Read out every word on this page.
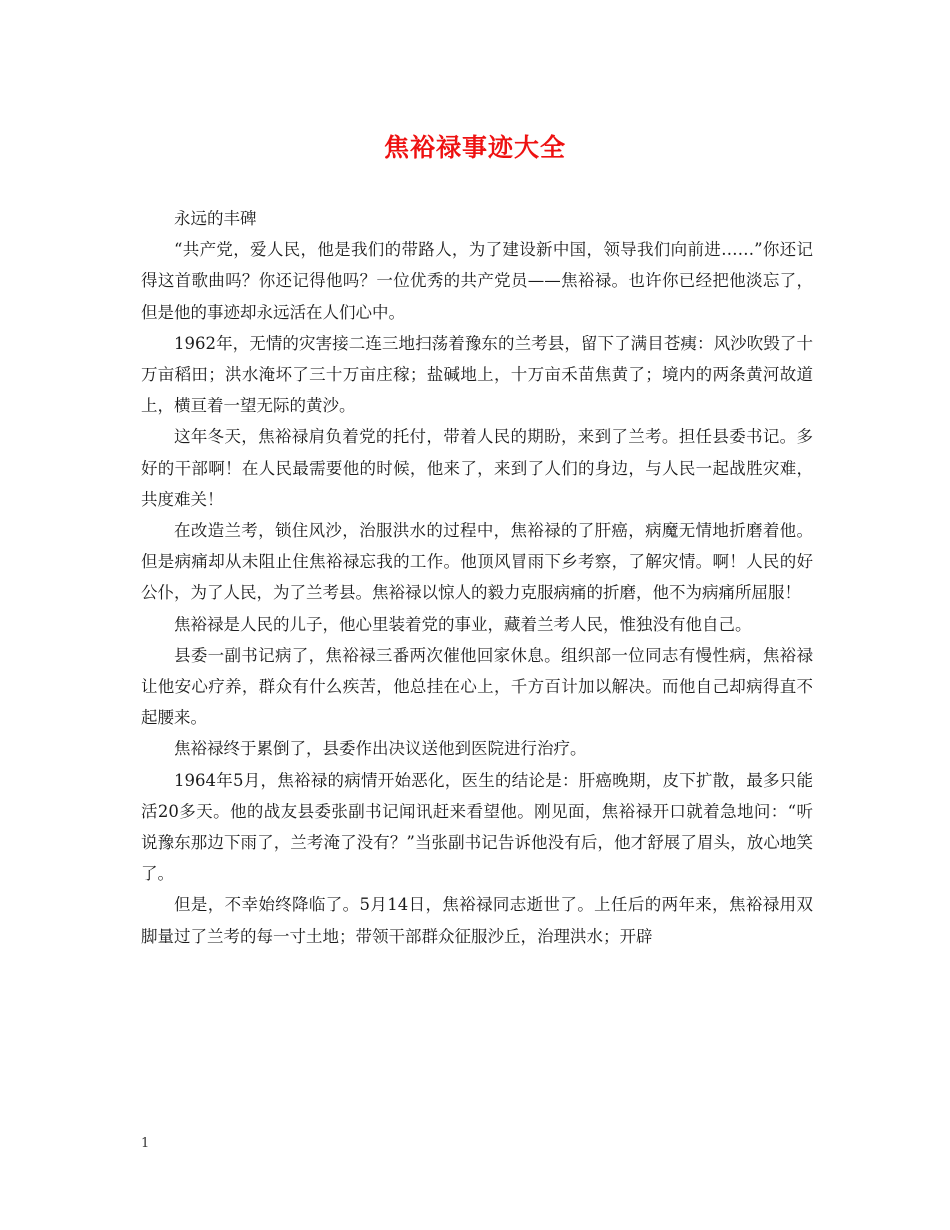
焦裕禄事迹大全

永远的丰碑

“共产党，爱人民，他是我们的带路人，为了建设新中国，领导我们向前进……”你还记得这首歌曲吗？你还记得他吗？一位优秀的共产党员——焦裕禄。也许你已经把他淡忘了，但是他的事迹却永远活在人们心中。

1962年，无情的灾害接二连三地扫荡着豫东的兰考县，留下了满目苍痍：风沙吹毁了十万亩稻田；洪水淹坏了三十万亩庄稼；盐碱地上，十万亩禾苗焦黄了；境内的两条黄河故道上，横亘着一望无际的黄沙。

这年冬天，焦裕禄肩负着党的托付，带着人民的期盼，来到了兰考。担任县委书记。多好的干部啊！在人民最需要他的时候，他来了，来到了人们的身边，与人民一起战胜灾难，共度难关！

在改造兰考，锁住风沙，治服洪水的过程中，焦裕禄的了肝癌，病魔无情地折磨着他。但是病痛却从未阻止住焦裕禄忘我的工作。他顶风冒雨下乡考察，了解灾情。啊！人民的好公仆，为了人民，为了兰考县。焦裕禄以惊人的毅力克服病痛的折磨，他不为病痛所屈服！

焦裕禄是人民的儿子，他心里装着党的事业，藏着兰考人民，惟独没有他自己。

县委一副书记病了，焦裕禄三番两次催他回家休息。组织部一位同志有慢性病，焦裕禄让他安心疗养，群众有什么疾苦，他总挂在心上，千方百计加以解决。而他自己却病得直不起腰来。

焦裕禄终于累倒了，县委作出决议送他到医院进行治疗。

1964年5月，焦裕禄的病情开始恶化，医生的结论是：肝癌晚期，皮下扩散，最多只能活20多天。他的战友县委张副书记闻讯赶来看望他。刚见面，焦裕禄开口就着急地问：“听说豫东那边下雨了，兰考淹了没有？”当张副书记告诉他没有后，他才舒展了眉头，放心地笑了。

但是，不幸始终降临了。5月14日，焦裕禄同志逝世了。上任后的两年来，焦裕禄用双脚量过了兰考的每一寸土地；带领干部群众征服沙丘，治理洪水；开辟

1
